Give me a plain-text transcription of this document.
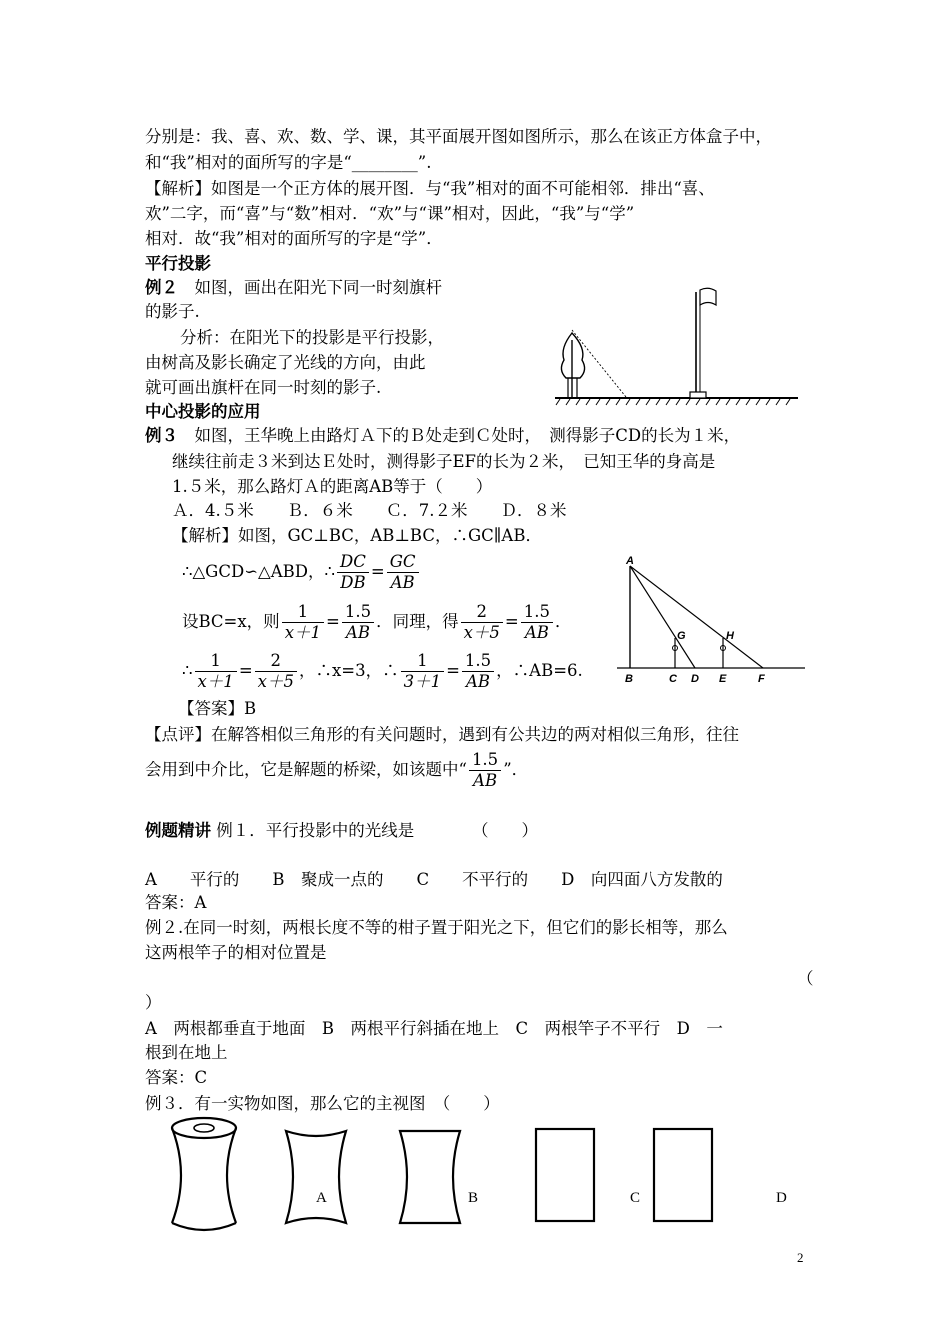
分别是：我、喜、欢、数、学、课，其平面展开图如图所示，那么在该正方体盒子中，
和“我”相对的面所写的字是“________”.
【解析】如图是一个正方体的展开图．与“我”相对的面不可能相邻．排出“喜、
欢”二字，而“喜”与“数”相对．“欢”与“课”相对，因此，“我”与“学”
相对．故“我”相对的面所写的字是“学”．
平行投影
例２　如图，画出在阳光下同一时刻旗杆
的影子.
分析：在阳光下的投影是平行投影，
由树高及影长确定了光线的方向，由此
就可画出旗杆在同一时刻的影子.
中心投影的应用
例３　如图，王华晚上由路灯Ａ下的Ｂ处走到Ｃ处时，　测得影子CD的长为１米，
继续往前走３米到达Ｅ处时，测得影子EF的长为２米，　已知王华的身高是
1.５米，那么路灯Ａ的距离AB等于（　　）
Ａ．4.５米　　Ｂ．６米　　Ｃ．7.２米　　Ｄ．８米
【解析】如图，GC⊥BC，AB⊥BC，∴GC∥AB．
∴△GCD∽△ABD，∴ $\frac{DC}{DB} = \frac{GC}{AB}$
设BC=x，则 $\frac{1}{x+1} = \frac{1.5}{AB}$ ．同理，得 $\frac{2}{x+5} = \frac{1.5}{AB}$ ．
∴ $\frac{1}{x+1} = \frac{2}{x+5}$ ，∴x=3，∴ $\frac{1}{3+1} = \frac{1.5}{AB}$ ，∴AB=6.
【答案】B
【点评】在解答相似三角形的有关问题时，遇到有公共边的两对相似三角形，往往
会用到中介比，它是解题的桥梁，如该题中“ $\frac{1.5}{AB}$ ”．
A
B	C D E	F
G	H
例题精讲 例１．平行投影中的光线是　　　　（　　）
A　　平行的　　B　聚成一点的　　C　　不平行的　　D　向四面八方发散的
答案：A
例２.在同一时刻，两根长度不等的柑子置于阳光之下，但它们的影长相等，那么
这两根竿子的相对位置是
（
）
A　两根都垂直于地面　B　两根平行斜插在地上　C　两根竿子不平行　D　一
根到在地上
答案：C
例３．有一实物如图，那么它的主视图　（　　）
A	B	C	D
2
